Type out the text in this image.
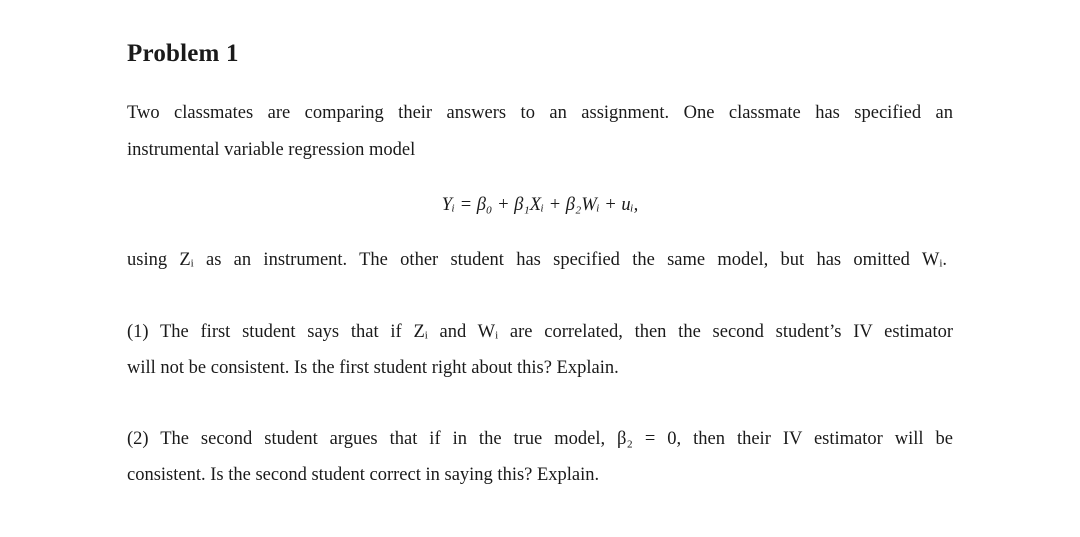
Problem 1

Two classmates are comparing their answers to an assignment. One classmate has specified an

instrumental variable regression model

Yᵢ = β₀ + β₁Xᵢ + β₂Wᵢ + uᵢ,

using Zᵢ as an instrument. The other student has specified the same model, but has omitted Wᵢ.

(1) The first student says that if Zᵢ and Wᵢ are correlated, then the second student’s IV estimator

will not be consistent. Is the first student right about this? Explain.

(2) The second student argues that if in the true model, β₂ = 0, then their IV estimator will be

consistent. Is the second student correct in saying this? Explain.
